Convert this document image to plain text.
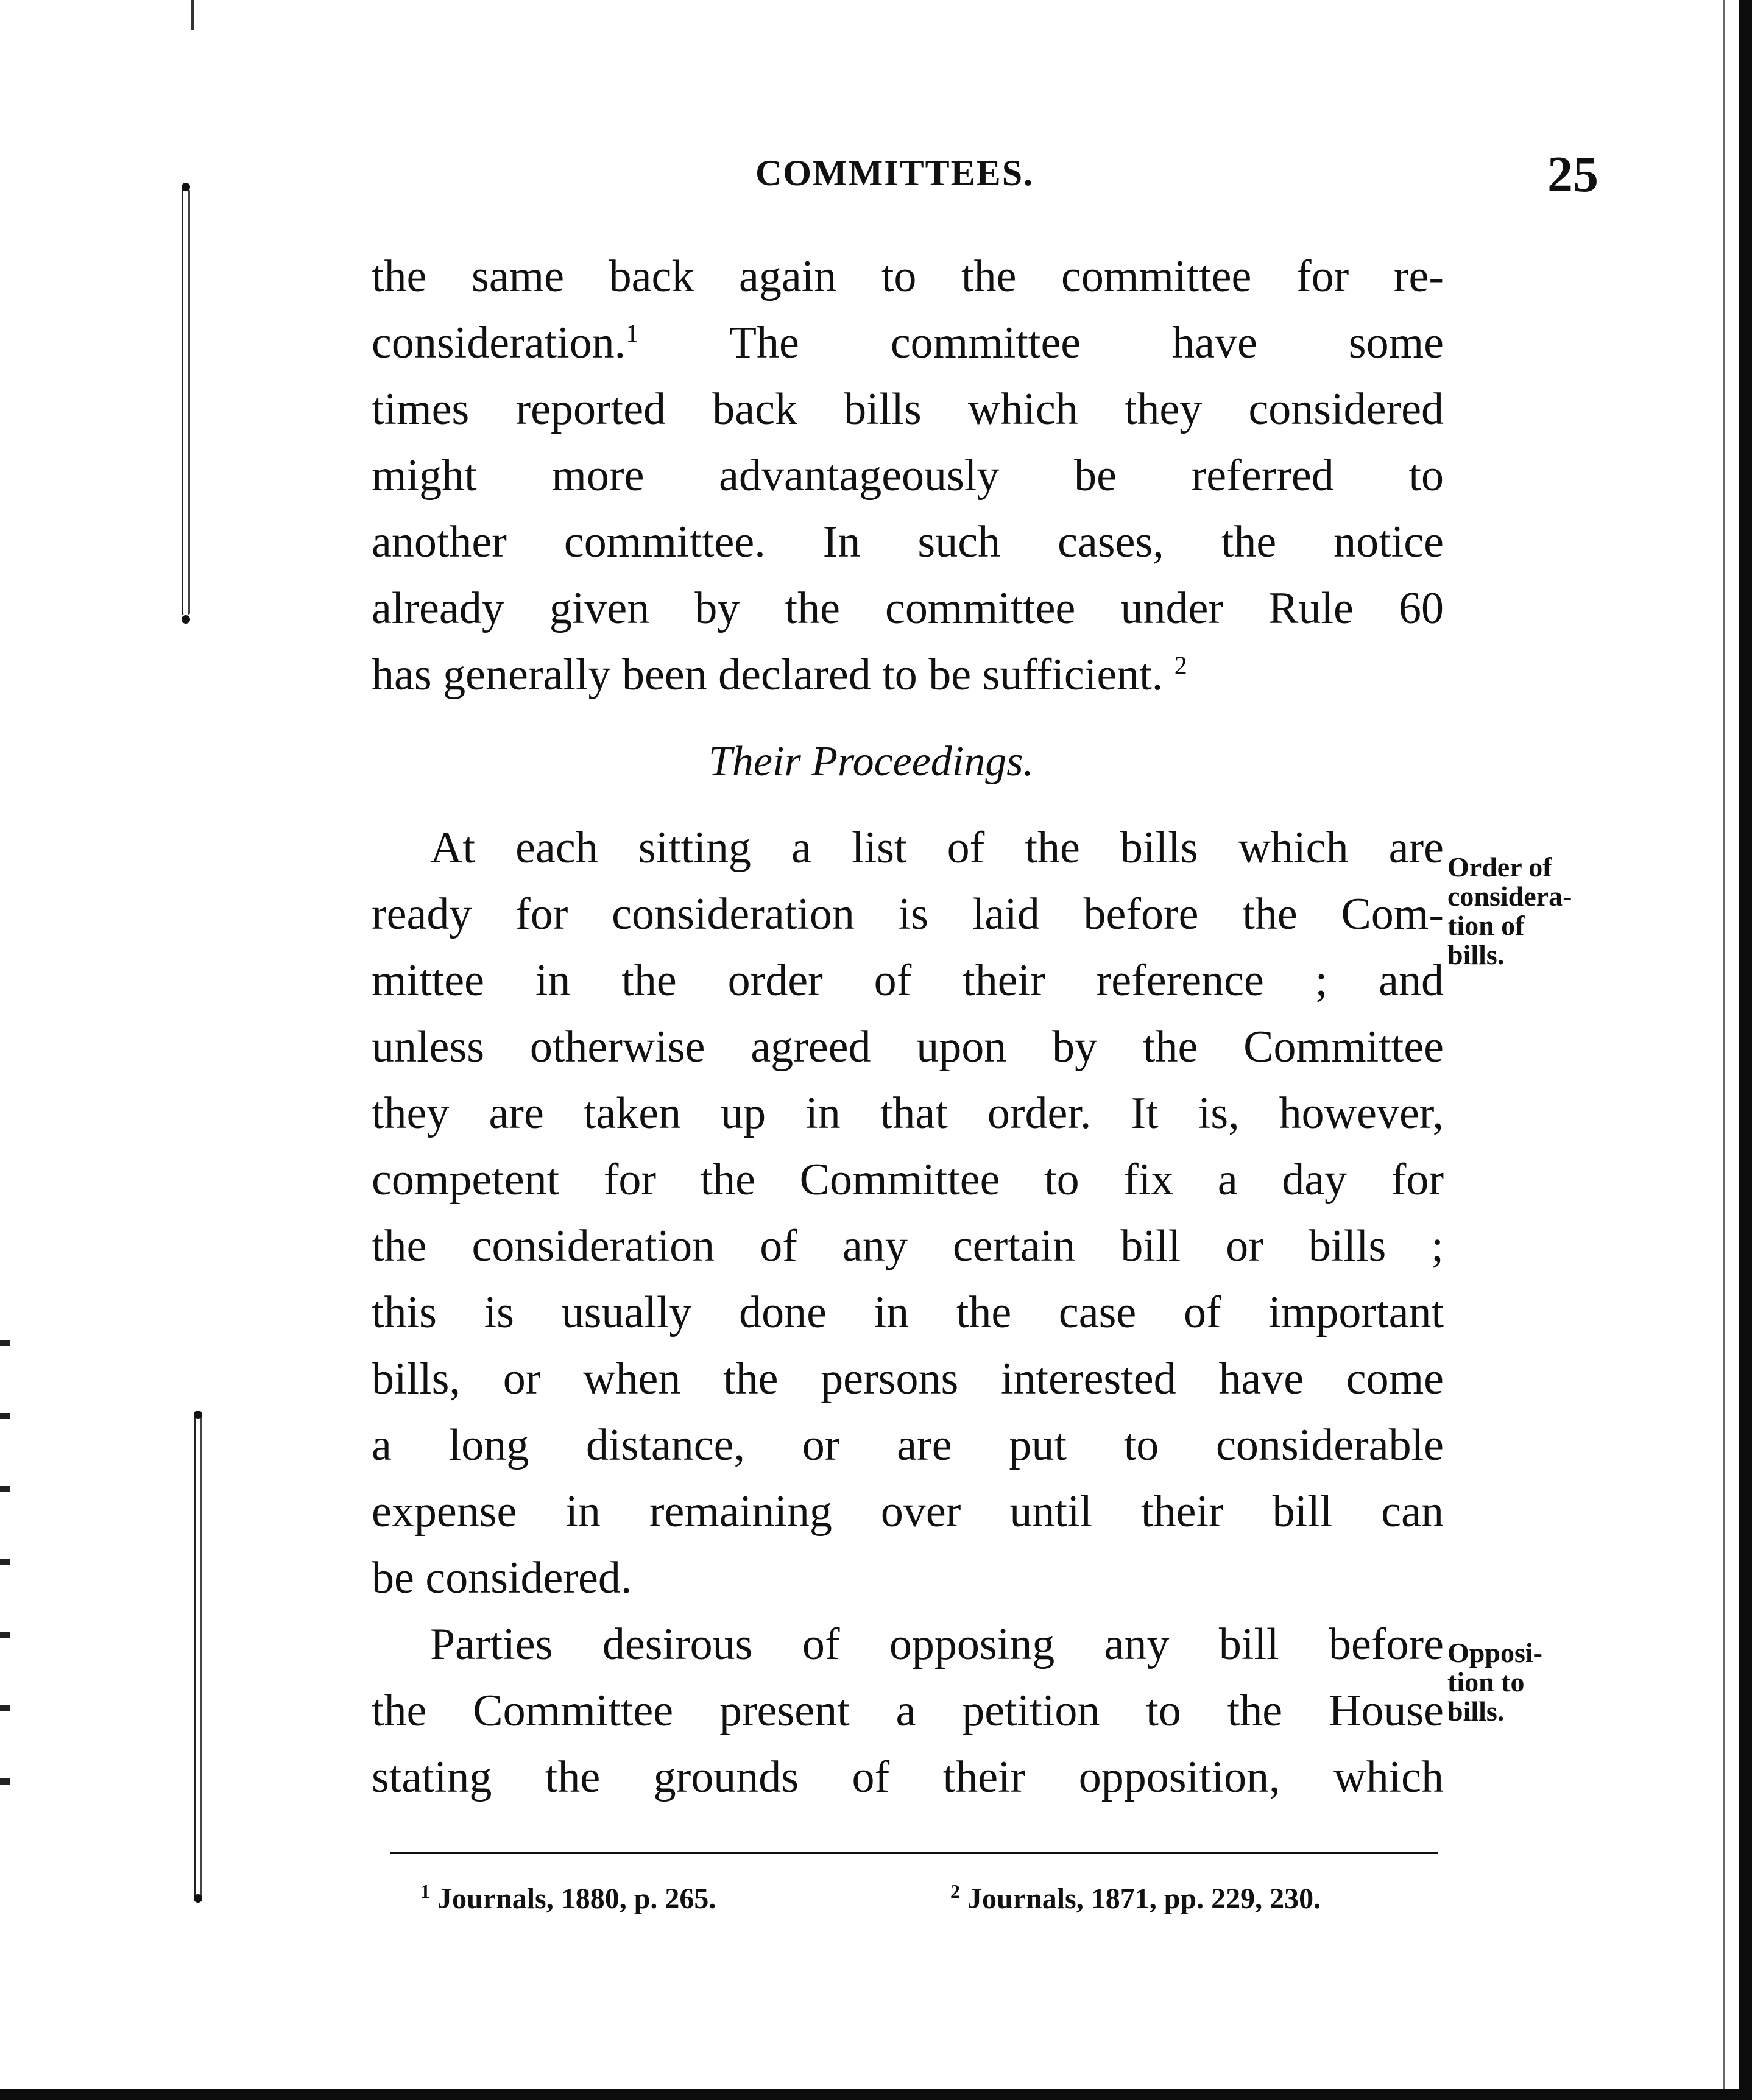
COMMITTEES.	25
the same back again to the committee for re-
consideration.$^1$ The committee have some
times reported back bills which they considered
might more advantageously be referred to
another committee. In such cases, the notice
already given by the committee under Rule 60
has generally been declared to be sufficient. $^2$
Their Proceedings.
At each sitting a list of the bills which are
ready for consideration is laid before the Com-
mittee in the order of their reference ; and
unless otherwise agreed upon by the Committee
they are taken up in that order. It is, however,
competent for the Committee to fix a day for
the consideration of any certain bill or bills ;
this is usually done in the case of important
bills, or when the persons interested have come
a long distance, or are put to considerable
expense in remaining over until their bill can
be considered.
Parties desirous of opposing any bill before
the Committee present a petition to the House
stating the grounds of their opposition, which
Order of
considera-
tion of
bills.
Opposi-
tion to
bills.
$^1$ Journals, 1880, p. 265.	$^2$ Journals, 1871, pp. 229, 230.
